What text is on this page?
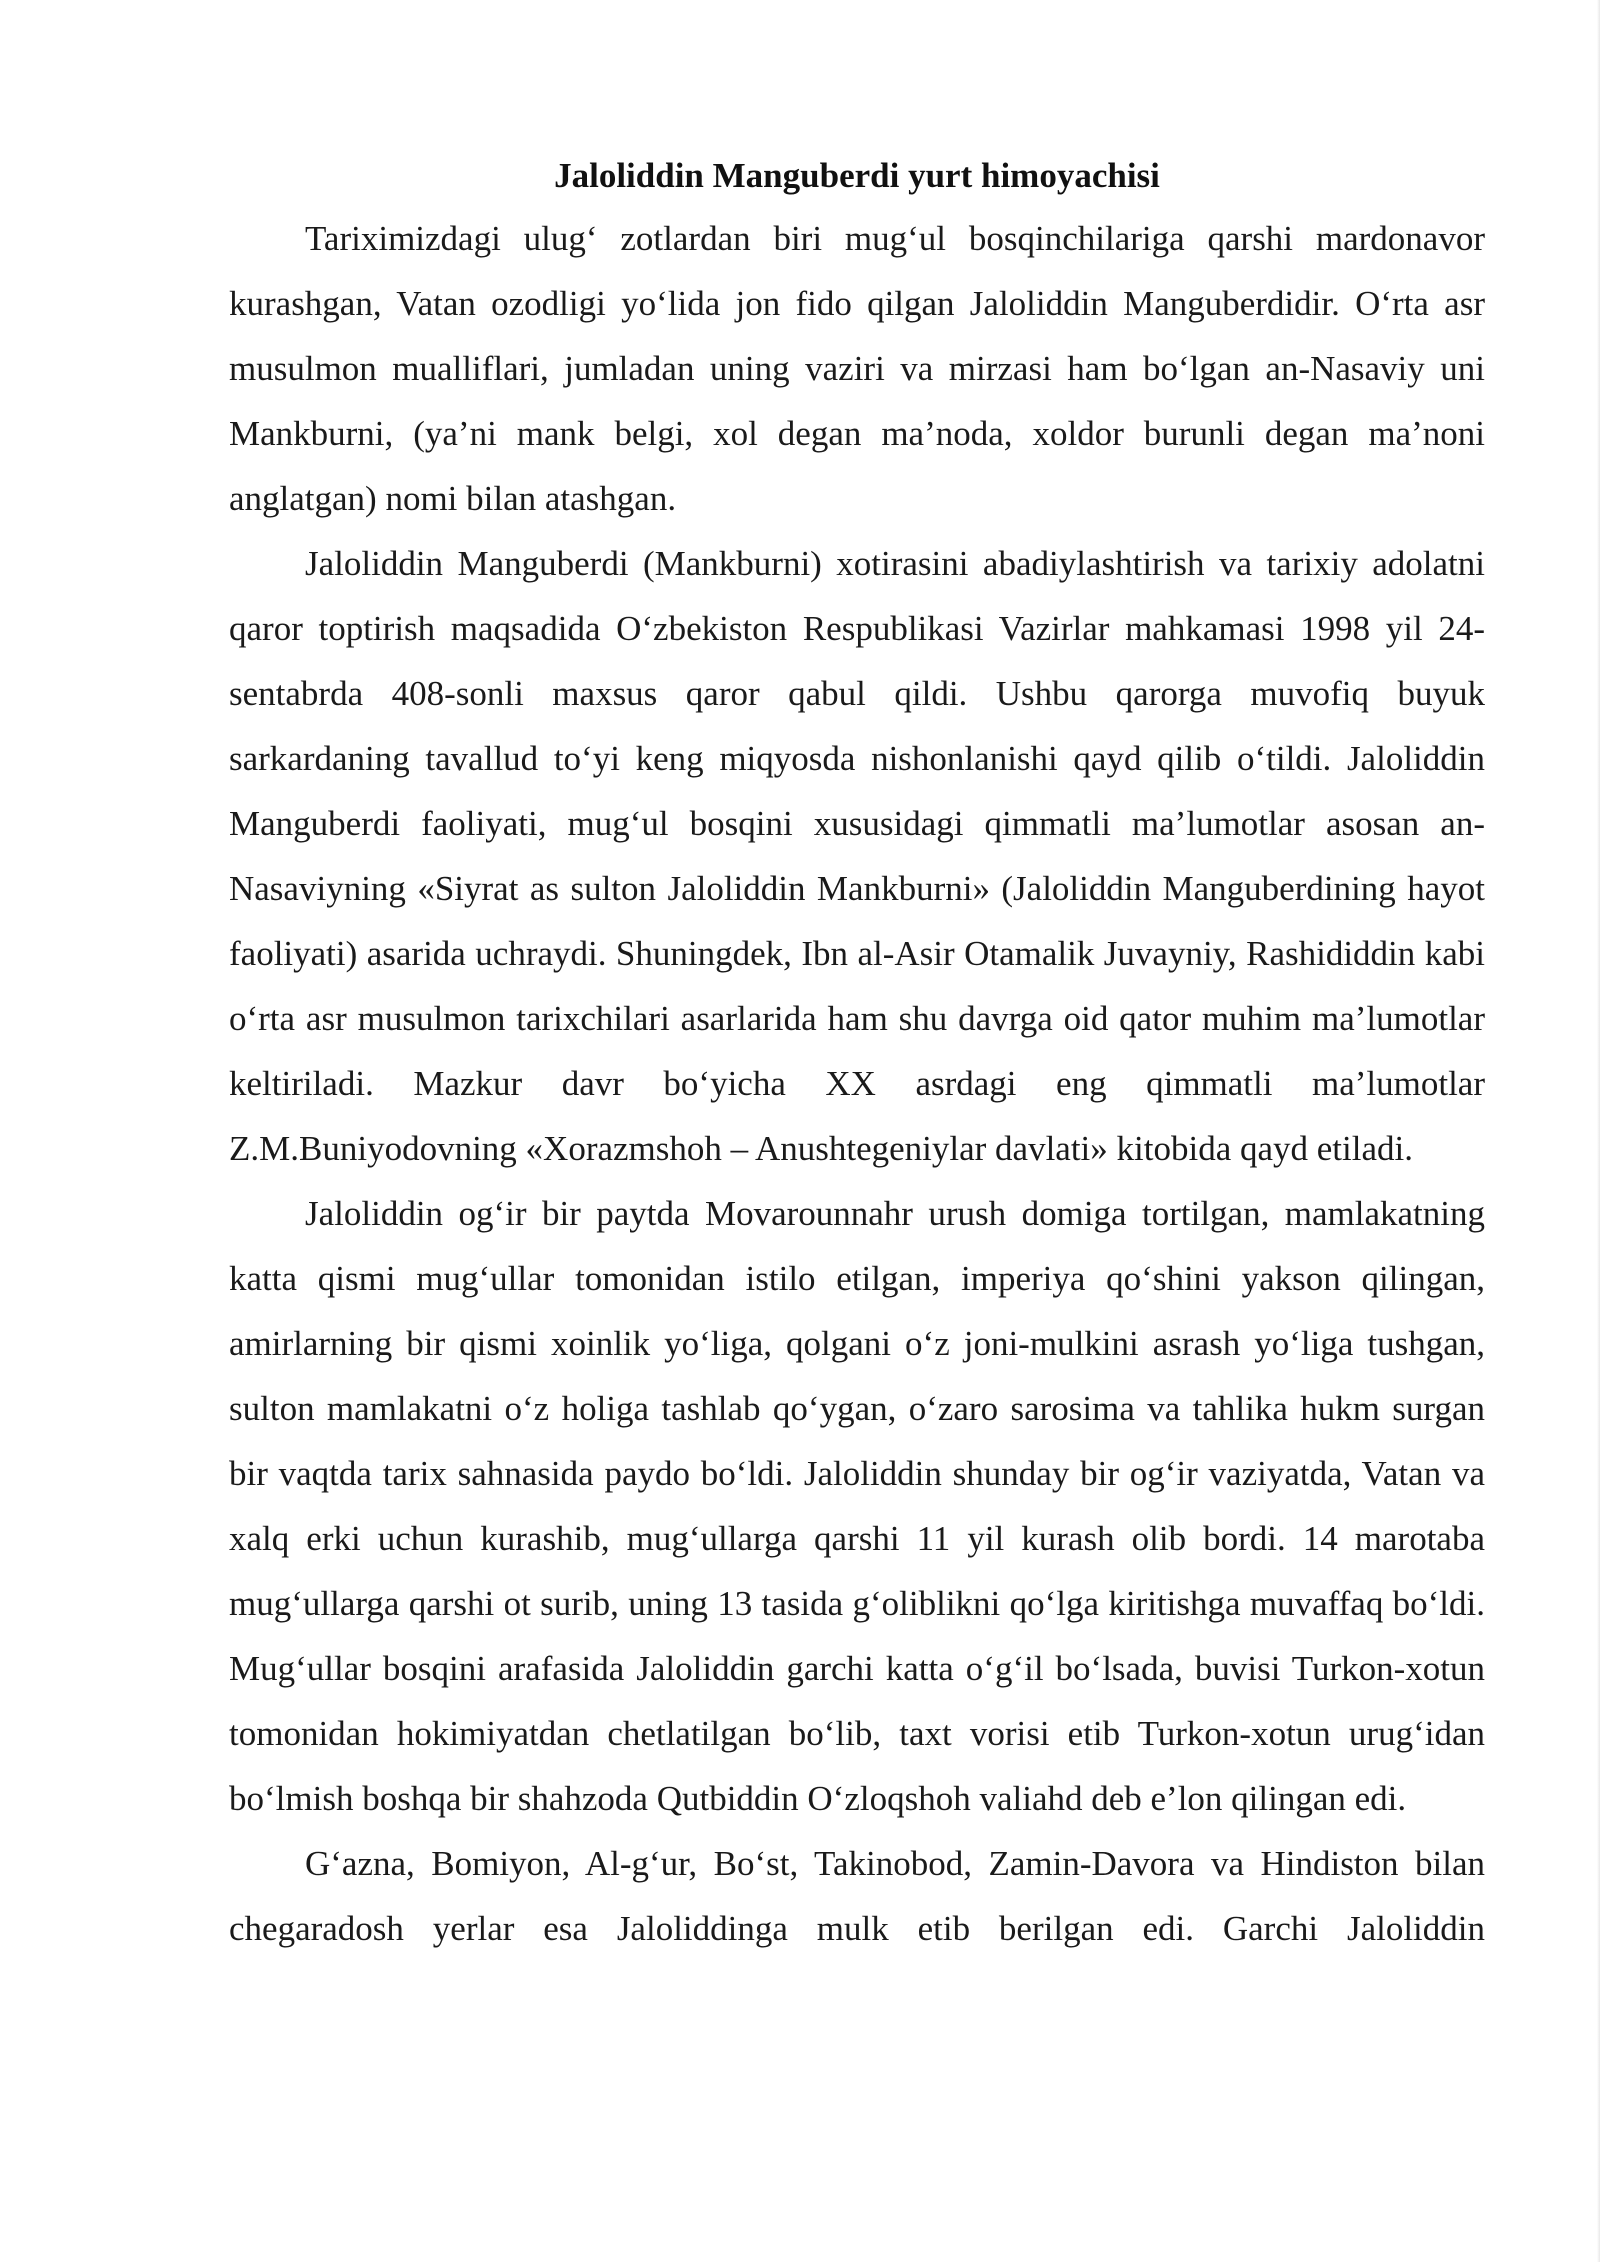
Jaloliddin Manguberdi yurt himoyachisi

Tariximizdagi ulug‘ zotlardan biri mug‘ul bosqinchilariga qarshi mardonavor kurashgan, Vatan ozodligi yo‘lida jon fido qilgan Jaloliddin Manguberdidir. O‘rta asr musulmon mualliflari, jumladan uning vaziri va mirzasi ham bo‘lgan an-Nasaviy uni Mankburni, (ya’ni mank belgi, xol degan ma’noda, xoldor burunli degan ma’noni anglatgan) nomi bilan atashgan.

Jaloliddin Manguberdi (Mankburni) xotirasini abadiylashtirish va tarixiy adolatni qaror toptirish maqsadida O‘zbekiston Respublikasi Vazirlar mahkamasi 1998 yil 24-sentabrda 408-sonli maxsus qaror qabul qildi. Ushbu qarorga muvofiq buyuk sarkardaning tavallud to‘yi keng miqyosda nishonlanishi qayd qilib o‘tildi. Jaloliddin Manguberdi faoliyati, mug‘ul bosqini xususidagi qimmatli ma’lumotlar asosan an-Nasaviyning «Siyrat as sulton Jaloliddin Mankburni» (Jaloliddin Manguberdining hayot faoliyati) asarida uchraydi. Shuningdek, Ibn al-Asir Otamalik Juvayniy, Rashididdin kabi o‘rta asr musulmon tarixchilari asarlarida ham shu davrga oid qator muhim ma’lumotlar keltiriladi. Mazkur davr bo‘yicha XX asrdagi eng qimmatli ma’lumotlar Z.M.Buniyodovning «Xorazmshoh – Anushtegeniylar davlati» kitobida qayd etiladi.

Jaloliddin og‘ir bir paytda Movarounnahr urush domiga tortilgan, mamlakatning katta qismi mug‘ullar tomonidan istilo etilgan, imperiya qo‘shini yakson qilingan, amirlarning bir qismi xoinlik yo‘liga, qolgani o‘z joni-mulkini asrash yo‘liga tushgan, sulton mamlakatni o‘z holiga tashlab qo‘ygan, o‘zaro sarosima va tahlika hukm surgan bir vaqtda tarix sahnasida paydo bo‘ldi. Jaloliddin shunday bir og‘ir vaziyatda, Vatan va xalq erki uchun kurashib, mug‘ullarga qarshi 11 yil kurash olib bordi. 14 marotaba mug‘ullarga qarshi ot surib, uning 13 tasida g‘oliblikni qo‘lga kiritishga muvaffaq bo‘ldi. Mug‘ullar bosqini arafasida Jaloliddin garchi katta o‘g‘il bo‘lsada, buvisi Turkon-xotun tomonidan hokimiyatdan chetlatilgan bo‘lib, taxt vorisi etib Turkon-xotun urug‘idan bo‘lmish boshqa bir shahzoda Qutbiddin O‘zloqshoh valiahd deb e’lon qilingan edi.

G‘azna, Bomiyon, Al-g‘ur, Bo‘st, Takinobod, Zamin-Davora va Hindiston bilan chegaradosh yerlar esa Jaloliddinga mulk etib berilgan edi. Garchi Jaloliddin
